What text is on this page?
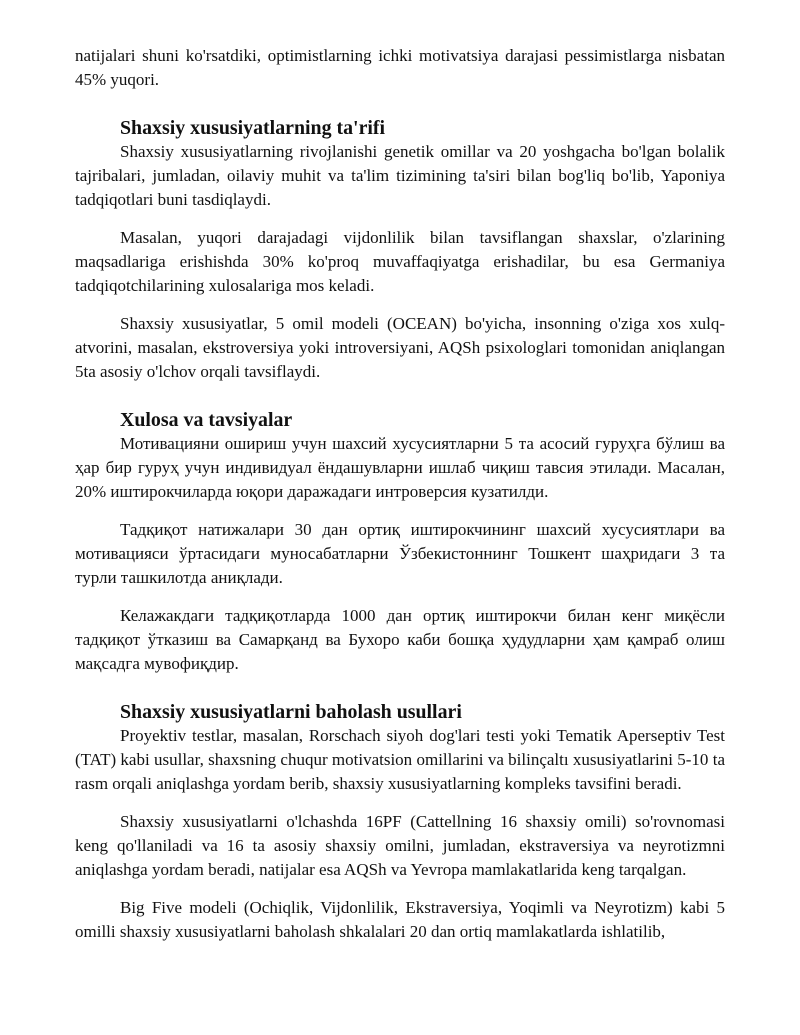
natijalari shuni ko'rsatdiki, optimistlarning ichki motivatsiya darajasi pessimistlarga nisbatan 45% yuqori.

Shaxsiy xususiyatlarning ta'rifi

Shaxsiy xususiyatlarning rivojlanishi genetik omillar va 20 yoshgacha bo'lgan bolalik tajribalari, jumladan, oilaviy muhit va ta'lim tizimining ta'siri bilan bog'liq bo'lib, Yaponiya tadqiqotlari buni tasdiqlaydi.

Masalan, yuqori darajadagi vijdonlilik bilan tavsiflangan shaxslar, o'zlarining maqsadlariga erishishda 30% ko'proq muvaffaqiyatga erishadilar, bu esa Germaniya tadqiqotchilarining xulosalariga mos keladi.

Shaxsiy xususiyatlar, 5 omil modeli (OCEAN) bo'yicha, insonning o'ziga xos xulq-atvorini, masalan, ekstroversiya yoki introversiyani, AQSh psixologlari tomonidan aniqlangan 5ta asosiy o'lchov orqali tavsiflaydi.

Xulosa va tavsiyalar

Мотивацияни ошириш учун шахсий хусусиятларни 5 та асосий гуруҳга бўлиш ва ҳар бир гуруҳ учун индивидуал ёндашувларни ишлаб чиқиш тавсия этилади. Масалан, 20% иштирокчиларда юқори даражадаги интроверсия кузатилди.

Тадқиқот натижалари 30 дан ортиқ иштирокчининг шахсий хусусиятлари ва мотивацияси ўртасидаги муносабатларни Ўзбекистоннинг Тошкент шаҳридаги 3 та турли ташкилотда аниқлади.

Келажакдаги тадқиқотларда 1000 дан ортиқ иштирокчи билан кенг миқёсли тадқиқот ўтказиш ва Самарқанд ва Бухоро каби бошқа ҳудудларни ҳам қамраб олиш мақсадга мувофиқдир.

Shaxsiy xususiyatlarni baholash usullari

Proyektiv testlar, masalan, Rorschach siyoh dog'lari testi yoki Tematik Aperseptiv Test (TAT) kabi usullar, shaxsning chuqur motivatsion omillarini va bilinçaltı xususiyatlarini 5-10 ta rasm orqali aniqlashga yordam berib, shaxsiy xususiyatlarning kompleks tavsifini beradi.

Shaxsiy xususiyatlarni o'lchashda 16PF (Cattellning 16 shaxsiy omili) so'rovnomasi keng qo'llaniladi va 16 ta asosiy shaxsiy omilni, jumladan, ekstraversiya va neyrotizmni aniqlashga yordam beradi, natijalar esa AQSh va Yevropa mamlakatlarida keng tarqalgan.

Big Five modeli (Ochiqlik, Vijdonlilik, Ekstraversiya, Yoqimli va Neyrotizm) kabi 5 omilli shaxsiy xususiyatlarni baholash shkalalari 20 dan ortiq mamlakatlarda ishlatilib,
